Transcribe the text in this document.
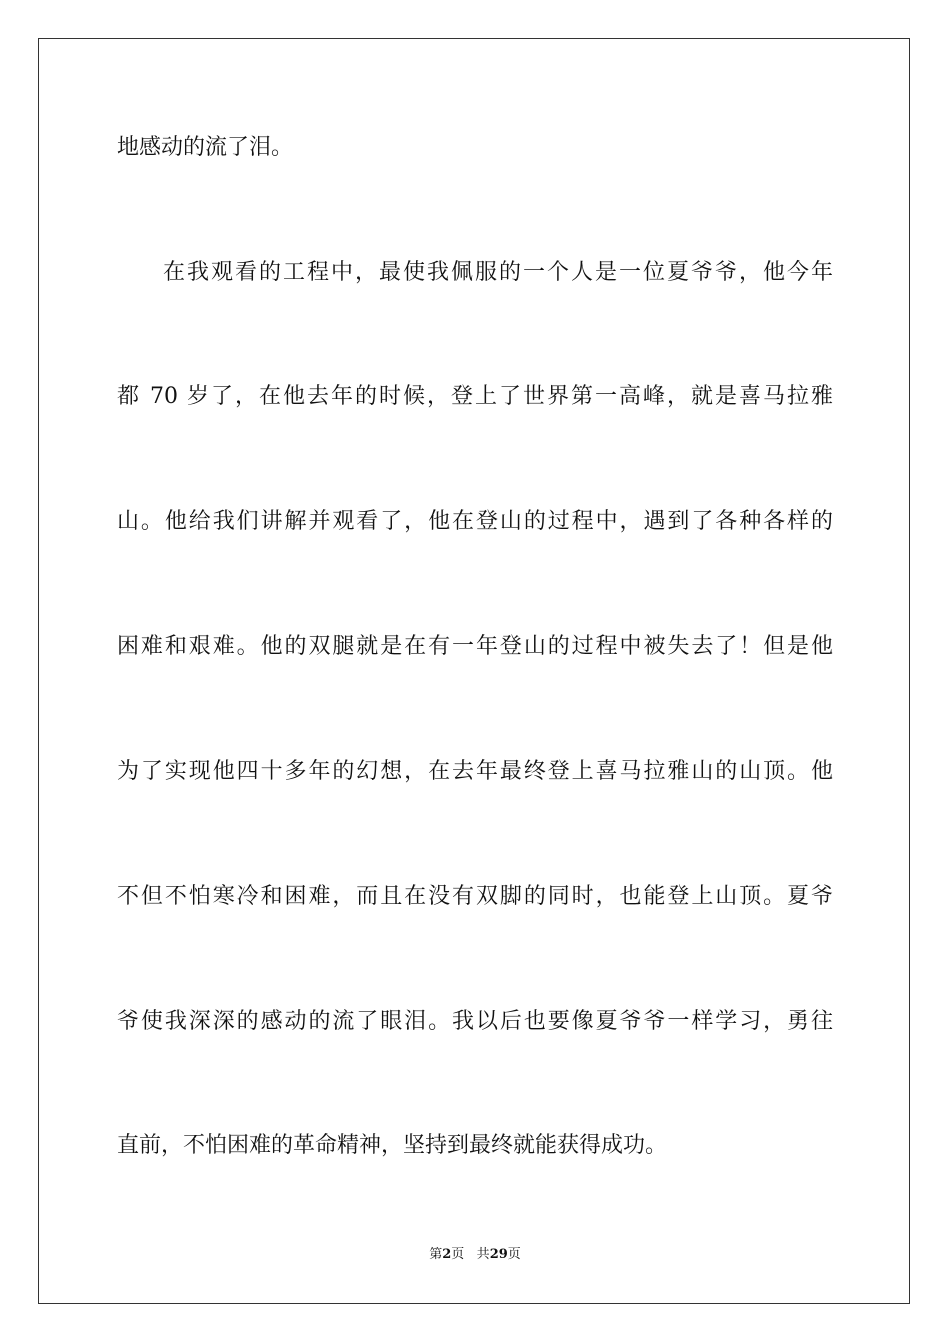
地感动的流了泪。

在我观看的工程中，最使我佩服的一个人是一位夏爷爷，他今年

都 70 岁了，在他去年的时候，登上了世界第一高峰，就是喜马拉雅

山。他给我们讲解并观看了，他在登山的过程中，遇到了各种各样的

困难和艰难。他的双腿就是在有一年登山的过程中被失去了！但是他

为了实现他四十多年的幻想，在去年最终登上喜马拉雅山的山顶。他

不但不怕寒冷和困难，而且在没有双脚的同时，也能登上山顶。夏爷

爷使我深深的感动的流了眼泪。我以后也要像夏爷爷一样学习，勇往

直前，不怕困难的革命精神，坚持到最终就能获得成功。

第2页 共29页
